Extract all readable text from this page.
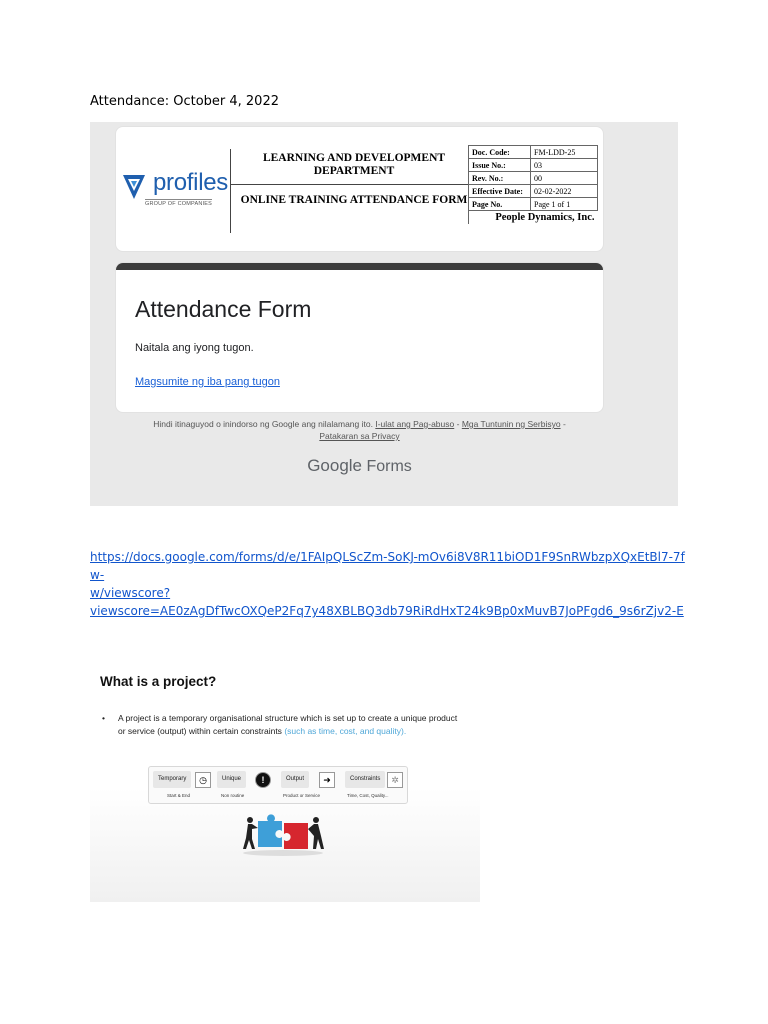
Attendance: October 4, 2022
profiles
GROUP OF COMPANIES
LEARNING AND DEVELOPMENT DEPARTMENT
ONLINE TRAINING ATTENDANCE FORM
Doc. Code:	FM-LDD-25
Issue No.:	03
Rev. No.:	00
Effective Date:	02-02-2022
Page No.	Page 1 of 1
People Dynamics, Inc.	
Attendance Form
Naitala ang iyong tugon.
Magsumite ng iba pang tugon
Hindi itinaguyod o inindorso ng Google ang nilalamang ito. I-ulat ang Pag-abuso - Mga Tuntunin ng Serbisyo -
Patakaran sa Privacy
Google Forms
https://docs.google.com/forms/d/e/1FAIpQLScZm-SoKJ-mOv6i8V8R11biOD1F9SnRWbzpXQxEtBl7-7fw-
w/viewscore?
viewscore=AE0zAgDfTwcOXQeP2Fq7y48XBLBQ3db79RiRdHxT24k9Bp0xMuvB7JoPFgd6_9s6rZjv2-E
What is a project?
• A project is a temporary organisational structure which is set up to create a unique product or service (output) within certain constraints (such as time, cost, and quality).
Temporary	◷
Start & End
Unique	!
Non routine
Output	➜
Product or Service
Constraints	✲
Time, Cost, Quality...
